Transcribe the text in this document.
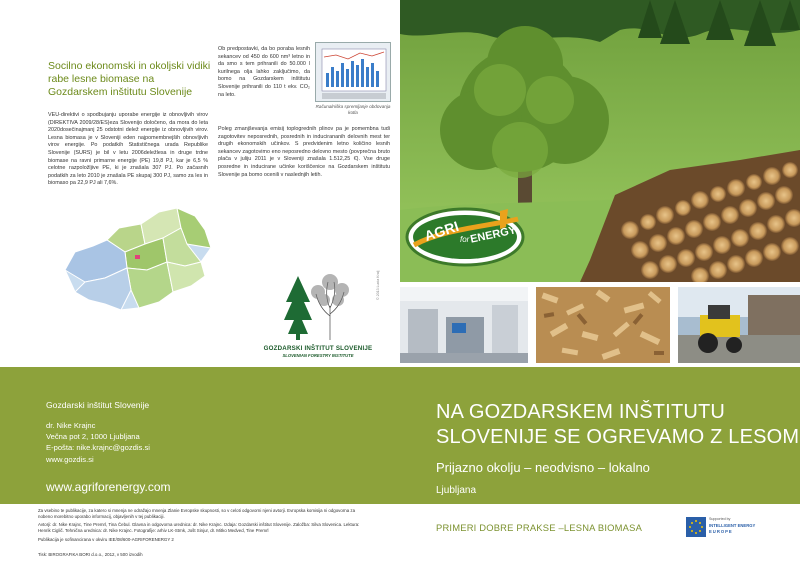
Socilno ekonomski in okoljski vidiki rabe lesne biomase na Gozdarskem inštitutu Slovenije
VEU-direktivi o spodbujanju uporabe energije iz obnovljivih virov (DIREKTIVA 2009/28/ES)eza Slovenijo določeno, da mora do leta 2020dosečinajmanj 25 odstotni delež energije iz obnovljivih virov. Lesna biomasa je v Sloveniji eden najpomembnejših obnovljivih virov energije. Po podatkih Statističnega urada Republike Slovenije (SURS) je bil v letu 2006deležlesa in druge trdne biomase na ravni primarne energije (PE) 19,8 PJ, kar je 6,5 % celotne razpoložljive PE, ki je znašala 307 PJ. Po začasnih podatkih za leto 2010 je znašala PE skupaj 300 PJ, samo za les in biomaso pa 22,9 PJ ali 7,6%.
Ob predpostavki, da bo poraba lesnih sekancev od 450 do 600 nm³ letno in da smo s tem prihranili do 50.000 l kurilnega olja lahko zaključimo, da bomo na Gozdarskem inštitutu Slovenije prihranili do 110 t ekv. CO₂ na leto.
Računalniška spremljanje obdovanja kotla
Poleg zmanjševanja emisij toplogrednih plinov pa je pomembna tudi zagotovitev neposrednih, posrednih in inducirananih delovnih mest ter drugih ekonomskih učinkov. S predvidenim letno količino lesnih sekancev zagotovimo eno neposredno delovno mesto (povprečna bruto plača v juliju 2011 je v Sloveniji znašala 1.512,25 €). Vse druge posredne in inducirane učinke koriščenice na Gozdarskem inštitutu Slovenije pa bomo ocenili v naslednjih letih.
GOZDARSKI INŠTITUT SLOVENIJE
SLOVENIAN FORESTRY INSTITUTE
© 2013 Lucia Kralj
AGRI for ENERGY
Gozdarski inštitut Slovenije
dr. Nike Krajnc
Večna pot 2, 1000 Ljubljana
E-pošta: nike.krajnc@gozdis.si
www.gozdis.si
www.agriforenergy.com
NA GOZDARSKEM INŠTITUTU
SLOVENIJE SE OGREVAMO Z LESOM
Prijazno okolju – neodvisno – lokalno
Ljubljana
Za vsebino te publikacije, za katero si mnenja ne odražajo mnenja Zlanie Evropske skupnosti, so v celoti odgovorni njeni avtorji. Evropska komisija ni odgovorna za nobeno morebitno uporabo informacij, objavljenih v tej publikaciji.
Avtorji: dr. Nike Krajnc, Tine Premrl, Tina Čebul. Glavna in odgovorna urednica: dr. Nike Krajnc. Izdaja: Gozdarski inštitut Slovenije. Založba: Silva Slovenica. Lektura: Henrik Ciglič. Tehnična urednica: dr. Nike Krajnc. Fotografije: arhiv LK-Strnk, Jošt Sinjur, dr. Mitko Medved, Tine Premrl
Publikacija je sofinancirana v okviru IEE/08/600-AGRIFORENERGY 2
Tisk: BIROGRAFIKA BORI d.o.o., 2012, v 500 izvodih
PRIMERI DOBRE PRAKSE –LESNA BIOMASA
Supported by
INTELLIGENT ENERGY
EUROPE
